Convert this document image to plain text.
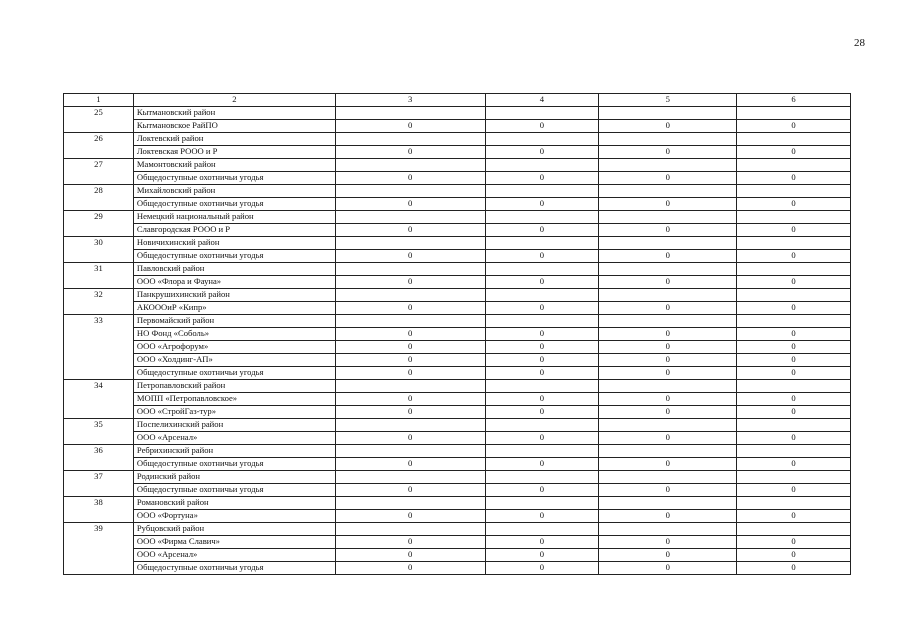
28
1	2	3	4	5	6
25	Кытмановский район				
	Кытмановское РайПО	0	0	0	0
26	Локтевский район				
	Локтевская РООО и Р	0	0	0	0
27	Мамонтовский район				
	Общедоступные охотничьи угодья	0	0	0	0
28	Михайловский район				
	Общедоступные охотничьи угодья	0	0	0	0
29	Немецкий национальный район				
	Славгородская РООО и Р	0	0	0	0
30	Новичихинский район				
	Общедоступные охотничьи угодья	0	0	0	0
31	Павловский район				
	ООО «Флора и Фауна»	0	0	0	0
32	Панкрушихинский район				
	АКОООиР «Кипр»	0	0	0	0
33	Первомайский район				
	НО Фонд «Соболь»	0	0	0	0
	ООО «Агрофорум»	0	0	0	0
	ООО «Холдинг-АП»	0	0	0	0
	Общедоступные охотничьи угодья	0	0	0	0
34	Петропавловский район				
	МОПП «Петропавловское»	0	0	0	0
	ООО «СтройГаз-тур»	0	0	0	0
35	Поспелихинский район				
	ООО «Арсенал»	0	0	0	0
36	Ребрихинский район				
	Общедоступные охотничьи угодья	0	0	0	0
37	Родинский район				
	Общедоступные охотничьи угодья	0	0	0	0
38	Романовский район				
	ООО «Фортуна»	0	0	0	0
39	Рубцовский район				
	ООО «Фирма Славич»	0	0	0	0
	ООО «Арсенал»	0	0	0	0
	Общедоступные охотничьи угодья	0	0	0	0
